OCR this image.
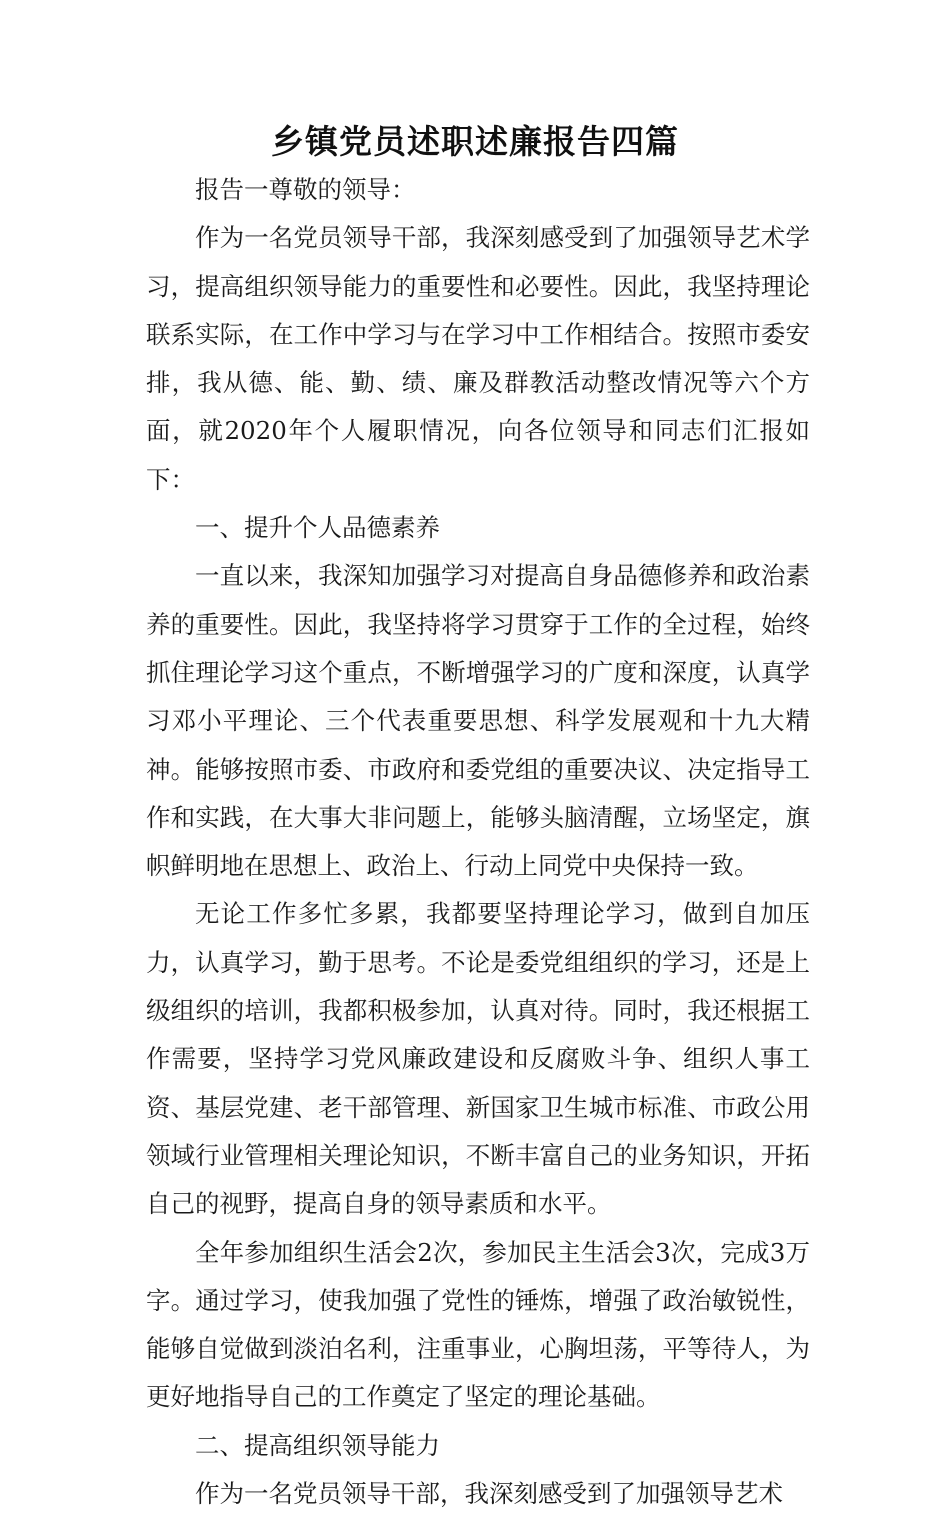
乡镇党员述职述廉报告四篇

报告一尊敬的领导：

作为一名党员领导干部，我深刻感受到了加强领导艺术学习，提高组织领导能力的重要性和必要性。因此，我坚持理论联系实际，在工作中学习与在学习中工作相结合。按照市委安排，我从德、能、勤、绩、廉及群教活动整改情况等六个方面，就2020年个人履职情况，向各位领导和同志们汇报如下：

一、提升个人品德素养

一直以来，我深知加强学习对提高自身品德修养和政治素养的重要性。因此，我坚持将学习贯穿于工作的全过程，始终抓住理论学习这个重点，不断增强学习的广度和深度，认真学习邓小平理论、三个代表重要思想、科学发展观和十九大精神。能够按照市委、市政府和委党组的重要决议、决定指导工作和实践，在大事大非问题上，能够头脑清醒，立场坚定，旗帜鲜明地在思想上、政治上、行动上同党中央保持一致。

无论工作多忙多累，我都要坚持理论学习，做到自加压力，认真学习，勤于思考。不论是委党组组织的学习，还是上级组织的培训，我都积极参加，认真对待。同时，我还根据工作需要，坚持学习党风廉政建设和反腐败斗争、组织人事工资、基层党建、老干部管理、新国家卫生城市标准、市政公用领域行业管理相关理论知识，不断丰富自己的业务知识，开拓自己的视野，提高自身的领导素质和水平。

全年参加组织生活会2次，参加民主生活会3次，完成3万字。通过学习，使我加强了党性的锤炼，增强了政治敏锐性，能够自觉做到淡泊名利，注重事业，心胸坦荡，平等待人，为更好地指导自己的工作奠定了坚定的理论基础。

二、提高组织领导能力

作为一名党员领导干部，我深刻感受到了加强领导艺术
